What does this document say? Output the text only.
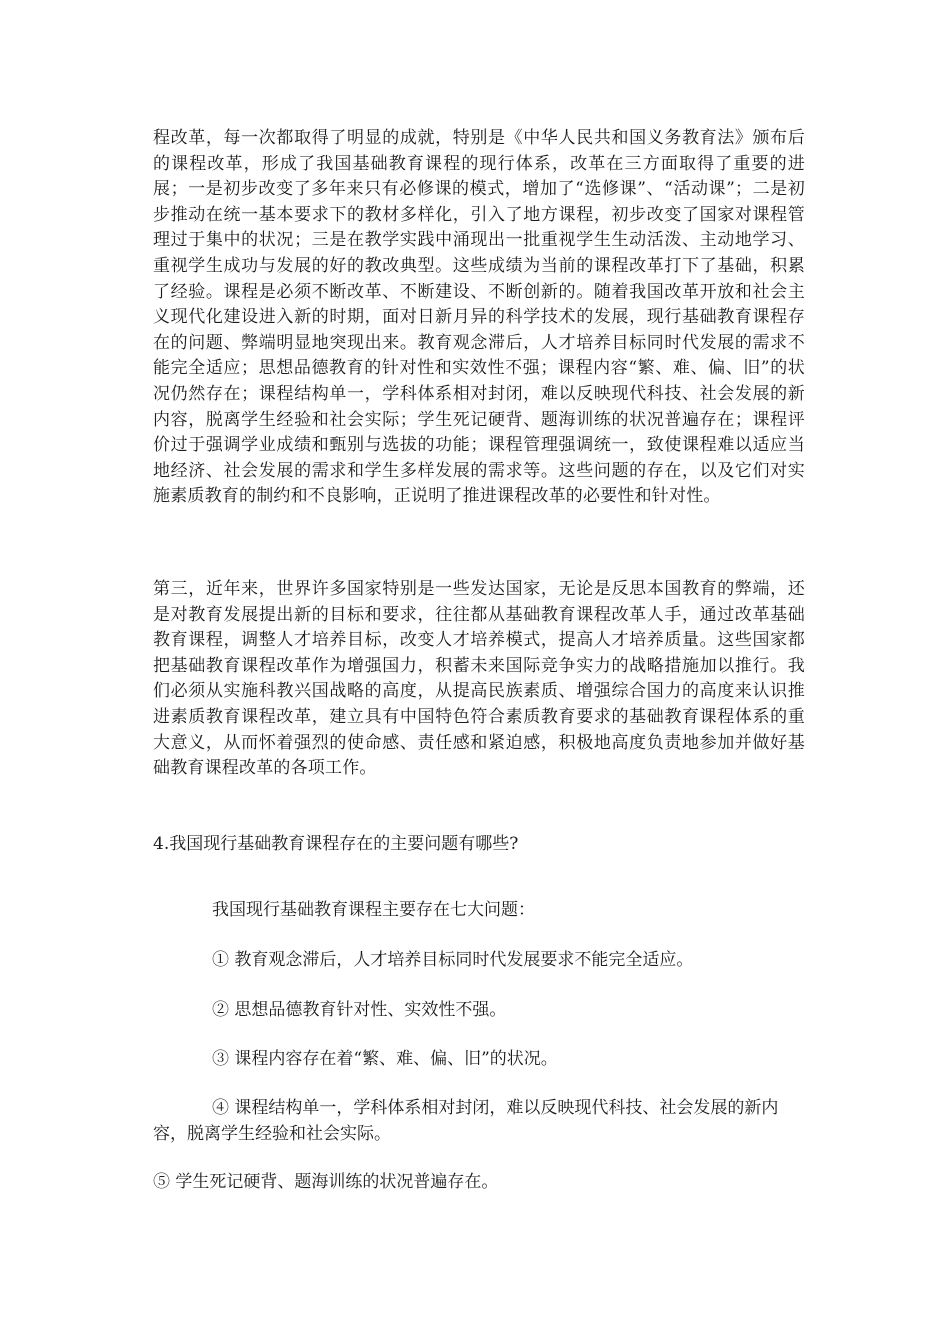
程改革，每一次都取得了明显的成就，特别是《中华人民共和国义务教育法》颁布后的课程改革，形成了我国基础教育课程的现行体系，改革在三方面取得了重要的进展；一是初步改变了多年来只有必修课的模式，增加了“选修课”、“活动课”；二是初步推动在统一基本要求下的教材多样化，引入了地方课程，初步改变了国家对课程管理过于集中的状况；三是在教学实践中涌现出一批重视学生生动活泼、主动地学习、重视学生成功与发展的好的教改典型。这些成绩为当前的课程改革打下了基础，积累了经验。课程是必须不断改革、不断建设、不断创新的。随着我国改革开放和社会主义现代化建设进入新的时期，面对日新月异的科学技术的发展，现行基础教育课程存在的问题、弊端明显地突现出来。教育观念滞后，人才培养目标同时代发展的需求不能完全适应；思想品德教育的针对性和实效性不强；课程内容“繁、难、偏、旧”的状况仍然存在；课程结构单一，学科体系相对封闭，难以反映现代科技、社会发展的新内容，脱离学生经验和社会实际；学生死记硬背、题海训练的状况普遍存在；课程评价过于强调学业成绩和甄别与选拔的功能；课程管理强调统一，致使课程难以适应当地经济、社会发展的需求和学生多样发展的需求等。这些问题的存在，以及它们对实施素质教育的制约和不良影响，正说明了推进课程改革的必要性和针对性。

第三，近年来，世界许多国家特别是一些发达国家，无论是反思本国教育的弊端，还是对教育发展提出新的目标和要求，往往都从基础教育课程改革人手，通过改革基础教育课程，调整人才培养目标，改变人才培养模式，提高人才培养质量。这些国家都把基础教育课程改革作为增强国力，积蓄未来国际竞争实力的战略措施加以推行。我们必须从实施科教兴国战略的高度，从提高民族素质、增强综合国力的高度来认识推进素质教育课程改革，建立具有中国特色符合素质教育要求的基础教育课程体系的重大意义，从而怀着强烈的使命感、责任感和紧迫感，积极地高度负责地参加并做好基础教育课程改革的各项工作。

4.我国现行基础教育课程存在的主要问题有哪些?

我国现行基础教育课程主要存在七大问题：

① 教育观念滞后，人才培养目标同时代发展要求不能完全适应。

② 思想品德教育针对性、实效性不强。

③ 课程内容存在着“繁、难、偏、旧”的状况。

④ 课程结构单一，学科体系相对封闭，难以反映现代科技、社会发展的新内容，脱离学生经验和社会实际。

⑤ 学生死记硬背、题海训练的状况普遍存在。
